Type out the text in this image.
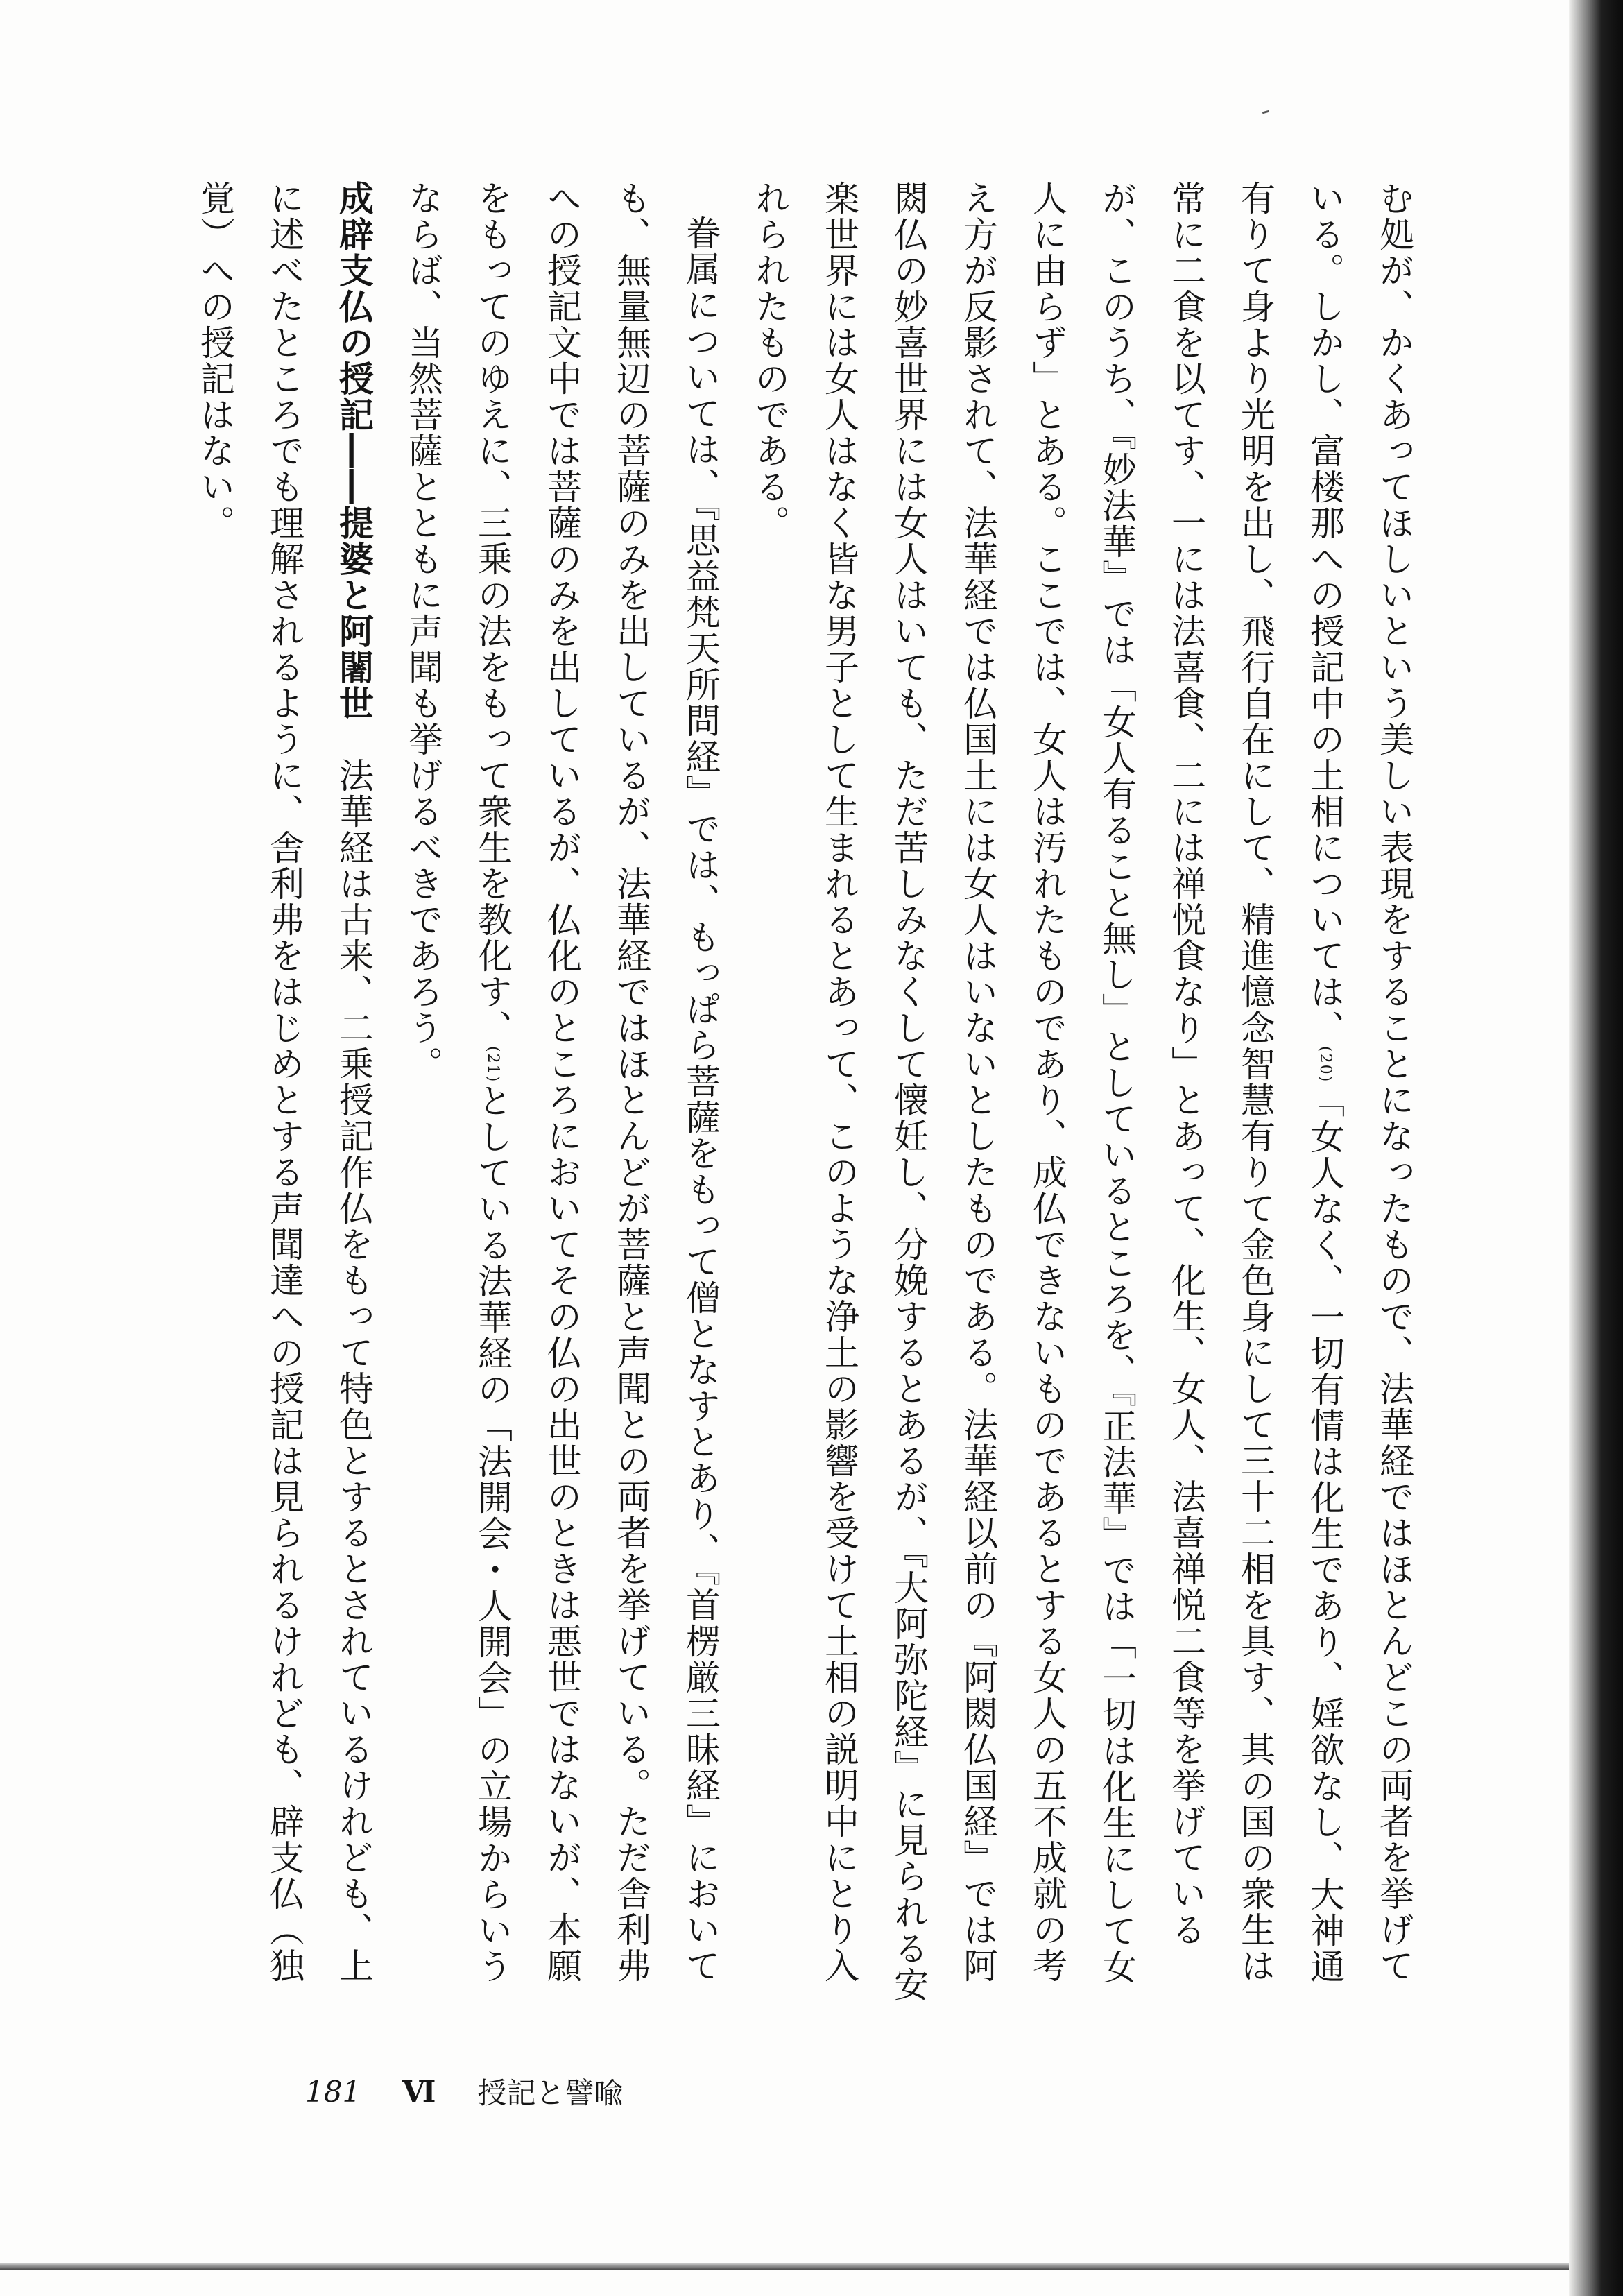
む処が、かくあってほしいという美しい表現をすることになったもので、法華経ではほとんどこの両者を挙げている。しかし、富楼那への授記中の土相については、(20)「女人なく、一切有情は化生であり、婬欲なし、大神通有りて身より光明を出し、飛行自在にして、精進憶念智慧有りて金色身にして三十二相を具す、其の国の衆生は常に二食を以てす、一には法喜食、二には禅悦食なり」とあって、化生、女人、法喜禅悦二食等を挙げているが、このうち、『妙法華』では「女人有ること無し」としているところを、『正法華』では「一切は化生にして女人に由らず」とある。ここでは、女人は汚れたものであり、成仏できないものであるとする女人の五不成就の考え方が反影されて、法華経では仏国土には女人はいないとしたものである。法華経以前の『阿閦仏国経』では阿閦仏の妙喜世界には女人はいても、ただ苦しみなくして懐妊し、分娩するとあるが、『大阿弥陀経』に見られる安楽世界には女人はなく皆な男子として生まれるとあって、このような浄土の影響を受けて土相の説明中にとり入れられたものである。

眷属については、『思益梵天所問経』では、もっぱら菩薩をもって僧となすとあり、『首楞厳三昧経』においても、無量無辺の菩薩のみを出しているが、法華経ではほとんどが菩薩と声聞との両者を挙げている。ただ舎利弗への授記文中では菩薩のみを出しているが、仏化のところにおいてその仏の出世のときは悪世ではないが、本願をもってのゆえに、三乗の法をもって衆生を教化す、(21)としている法華経の「法開会・人開会」の立場からいうならば、当然菩薩とともに声聞も挙げるべきであろう。

成辟支仏の授記――提婆と阿闍世　法華経は古来、二乗授記作仏をもって特色とするとされているけれども、上に述べたところでも理解されるように、舎利弗をはじめとする声聞達への授記は見られるけれども、辟支仏（独覚）への授記はない。

181 Ⅵ 授記と譬喩
